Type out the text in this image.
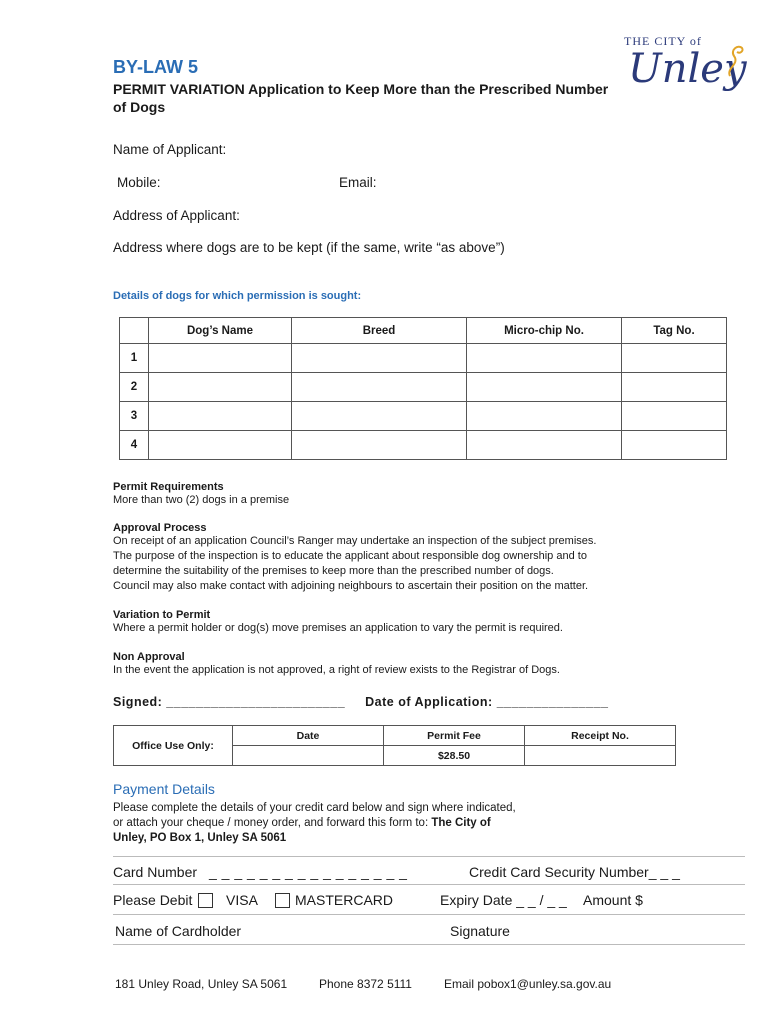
BY-LAW 5
PERMIT VARIATION Application to Keep More than the Prescribed Number of Dogs
THE CITY of
Unley
Name of Applicant:
Mobile:	Email:
Address of Applicant:
Address where dogs are to be kept (if the same, write “as above”)
Details of dogs for which permission is sought:
	Dog’s Name	Breed	Micro-chip No.	Tag No.
1				
2				
3				
4				
Permit Requirements
More than two (2) dogs in a premise
Approval Process
On receipt of an application Council’s Ranger may undertake an inspection of the subject premises.
The purpose of the inspection is to educate the applicant about responsible dog ownership and to
determine the suitability of the premises to keep more than the prescribed number of dogs.
Council may also make contact with adjoining neighbours to ascertain their position on the matter.
Variation to Permit
Where a permit holder or dog(s) move premises an application to vary the permit is required.
Non Approval
In the event the application is not approved, a right of review exists to the Registrar of Dogs.
Signed: ________________________ Date of Application: _______________
Office Use Only:	Date	Permit Fee	Receipt No.
		$28.50	
Payment Details
Please complete the details of your credit card below and sign where indicated,
or attach your cheque / money order, and forward this form to: The City of
Unley, PO Box 1, Unley SA 5061
Card Number _ _ _ _ _ _ _ _ _ _ _ _ _ _ _ _	Credit Card Security Number_ _ _
Please Debit VISA	MASTERCARD	Expiry Date _ _ / _ _ Amount $
Name of Cardholder	Signature
181 Unley Road, Unley SA 5061	Phone 8372 5111	Email pobox1@unley.sa.gov.au
